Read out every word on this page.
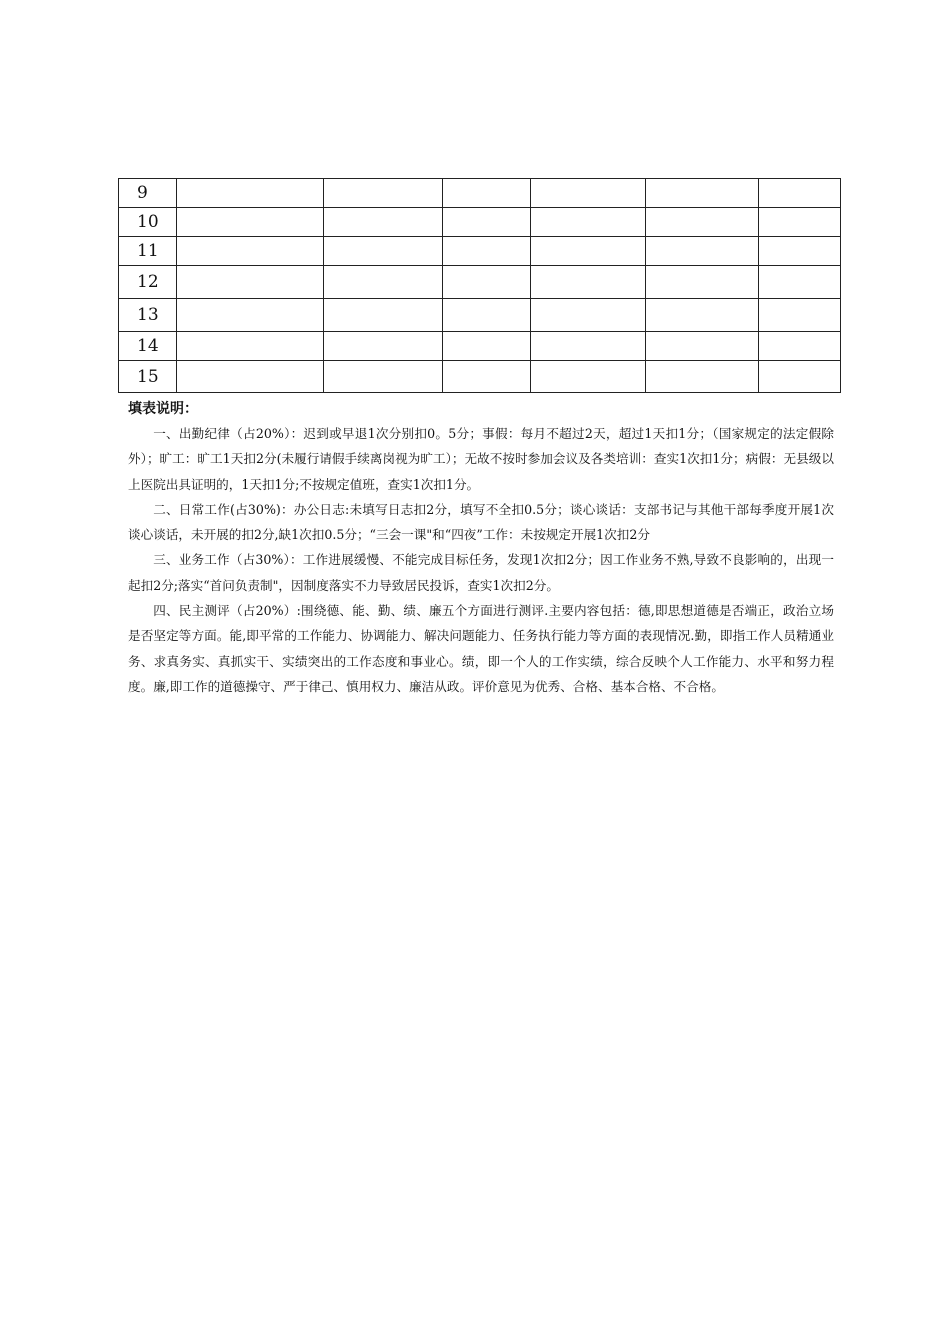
9						
10						
11						
12						
13						
14						
15						
填表说明：

一、出勤纪律（占20%）：迟到或早退1次分别扣0。5分；事假：每月不超过2天，超过1天扣1分；（国家规定的法定假除外）；旷工：旷工1天扣2分(未履行请假手续离岗视为旷工）；无故不按时参加会议及各类培训：查实1次扣1分；病假：无县级以上医院出具证明的，1天扣1分;不按规定值班，查实1次扣1分。

二、日常工作(占30%)：办公日志:未填写日志扣2分，填写不全扣0.5分；谈心谈话：支部书记与其他干部每季度开展1次谈心谈话，未开展的扣2分,缺1次扣0.5分；“三会一课"和“四夜”工作：未按规定开展1次扣2分

三、业务工作（占30%）：工作进展缓慢、不能完成目标任务，发现1次扣2分；因工作业务不熟,导致不良影响的，出现一起扣2分;落实“首问负责制"，因制度落实不力导致居民投诉，查实1次扣2分。

四、民主测评（占20%）:围绕德、能、勤、绩、廉五个方面进行测评.主要内容包括：德,即思想道德是否端正，政治立场是否坚定等方面。能,即平常的工作能力、协调能力、解决问题能力、任务执行能力等方面的表现情况.勤，即指工作人员精通业务、求真务实、真抓实干、实绩突出的工作态度和事业心。绩，即一个人的工作实绩，综合反映个人工作能力、水平和努力程度。廉,即工作的道德操守、严于律己、慎用权力、廉洁从政。评价意见为优秀、合格、基本合格、不合格。
